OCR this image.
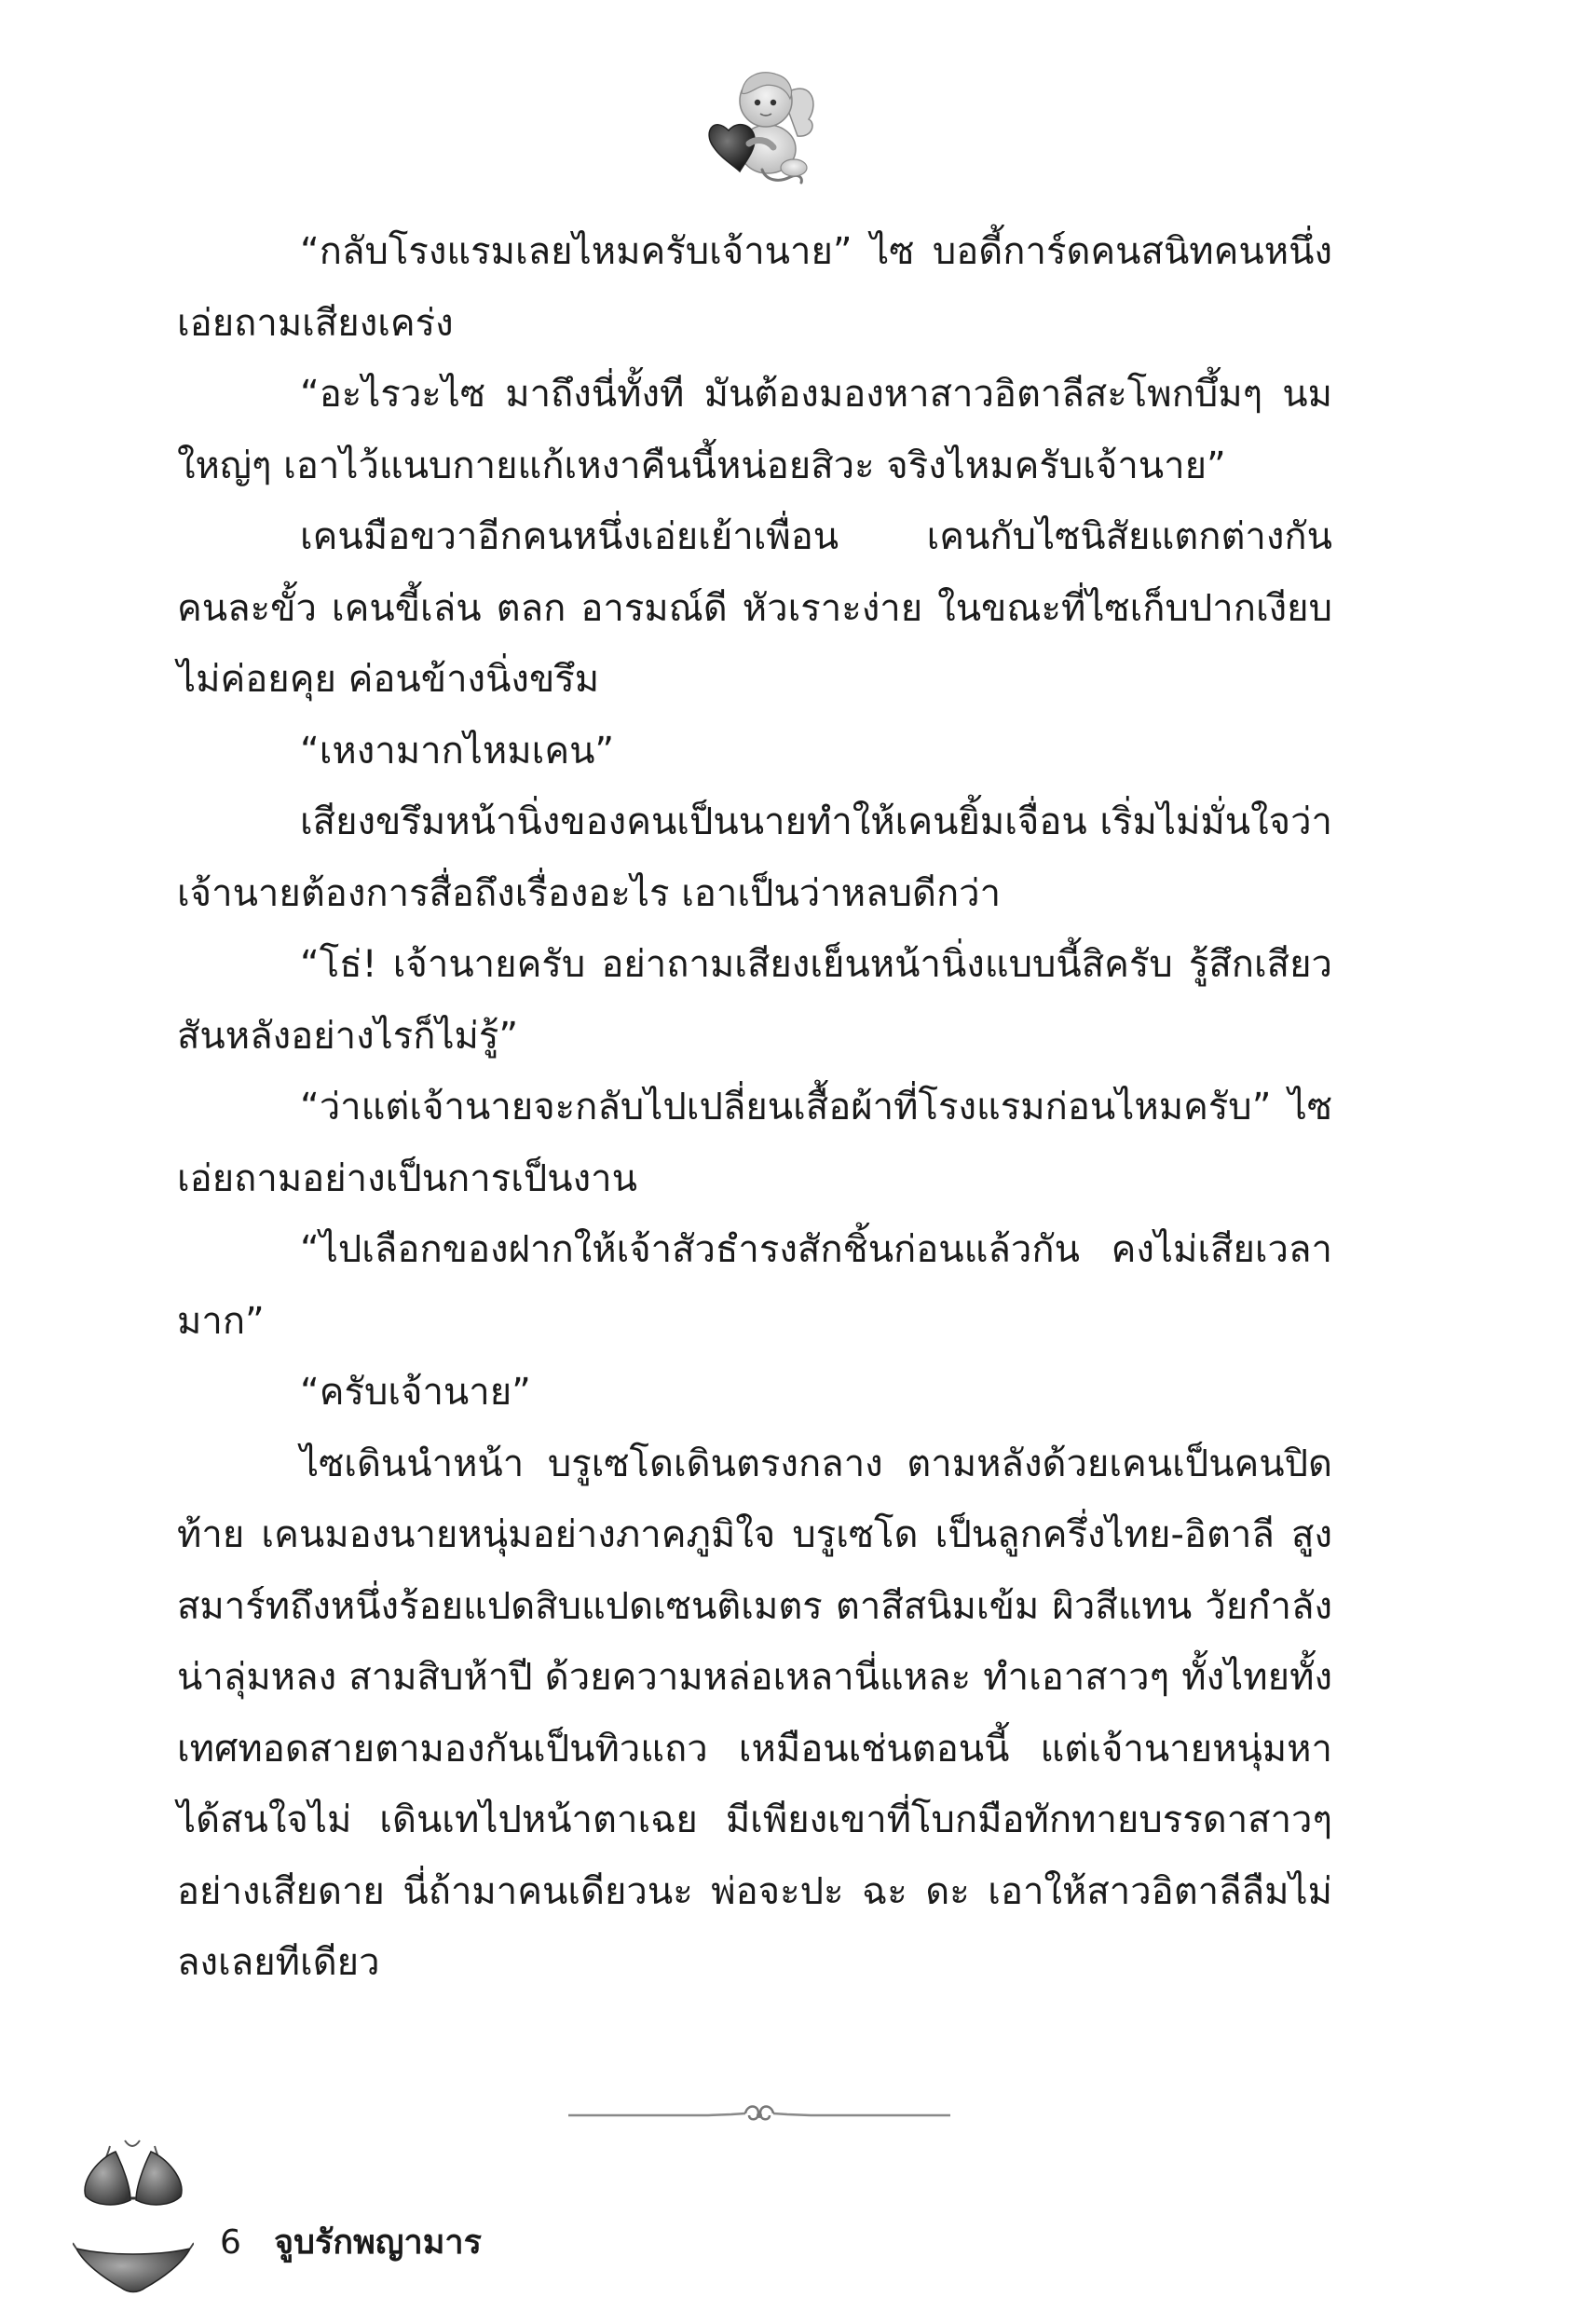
“กลับโรงแรมเลยไหมครับเจ้านาย” ไซ บอดี้การ์ดคนสนิทคนหนึ่งเอ่ยถามเสียงเคร่ง

“อะไรวะไซ มาถึงนี่ทั้งที มันต้องมองหาสาวอิตาลีสะโพกบึ้มๆ นมใหญ่ๆ เอาไว้แนบกายแก้เหงาคืนนี้หน่อยสิวะ จริงไหมครับเจ้านาย”

เคนมือขวาอีกคนหนึ่งเอ่ยเย้าเพื่อน เคนกับไซนิสัยแตกต่างกันคนละขั้ว เคนขี้เล่น ตลก อารมณ์ดี หัวเราะง่าย ในขณะที่ไซเก็บปากเงียบ ไม่ค่อยคุย ค่อนข้างนิ่งขรึม

“เหงามากไหมเคน”

เสียงขรึมหน้านิ่งของคนเป็นนายทำให้เคนยิ้มเจื่อน เริ่มไม่มั่นใจว่าเจ้านายต้องการสื่อถึงเรื่องอะไร เอาเป็นว่าหลบดีกว่า

“โธ่! เจ้านายครับ อย่าถามเสียงเย็นหน้านิ่งแบบนี้สิครับ รู้สึกเสียวสันหลังอย่างไรก็ไม่รู้”

“ว่าแต่เจ้านายจะกลับไปเปลี่ยนเสื้อผ้าที่โรงแรมก่อนไหมครับ” ไซเอ่ยถามอย่างเป็นการเป็นงาน

“ไปเลือกของฝากให้เจ้าสัวธำรงสักชิ้นก่อนแล้วกัน คงไม่เสียเวลามาก”

“ครับเจ้านาย”

ไซเดินนำหน้า บรูเซโดเดินตรงกลาง ตามหลังด้วยเคนเป็นคนปิดท้าย เคนมองนายหนุ่มอย่างภาคภูมิใจ บรูเซโด เป็นลูกครึ่งไทย-อิตาลี สูงสมาร์ทถึงหนึ่งร้อยแปดสิบแปดเซนติเมตร ตาสีสนิมเข้ม ผิวสีแทน วัยกำลังน่าลุ่มหลง สามสิบห้าปี ด้วยความหล่อเหลานี่แหละ ทำเอาสาวๆ ทั้งไทยทั้งเทศทอดสายตามองกันเป็นทิวแถว เหมือนเช่นตอนนี้ แต่เจ้านายหนุ่มหาได้สนใจไม่ เดินเทไปหน้าตาเฉย มีเพียงเขาที่โบกมือทักทายบรรดาสาวๆ อย่างเสียดาย นี่ถ้ามาคนเดียวนะ พ่อจะปะ ฉะ ดะ เอาให้สาวอิตาลีลืมไม่ลงเลยทีเดียว

6 จูบรักพญามาร
